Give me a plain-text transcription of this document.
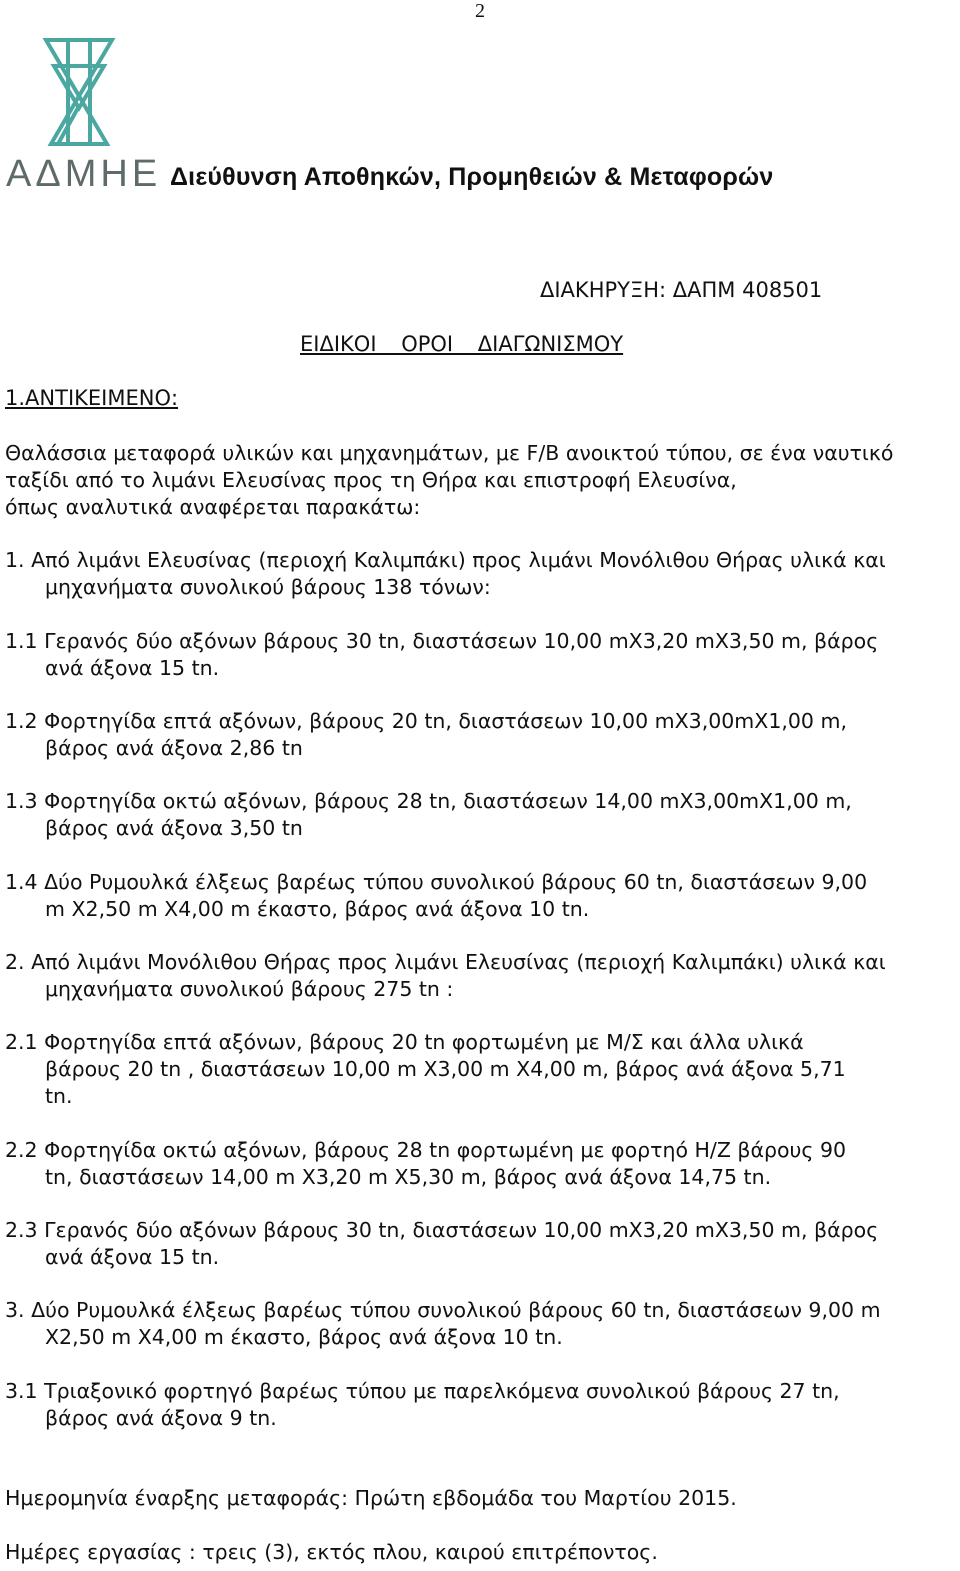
2
ΑΔΜΗΕ Διεύθυνση Αποθηκών, Προμηθειών & Μεταφορών
ΔΙΑΚΗΡΥΞΗ: ΔΑΠΜ 408501
ΕΙΔΙΚΟΙ ΟΡΟΙ ΔΙΑΓΩΝΙΣΜΟΥ
1.ΑΝΤΙΚΕΙΜΕΝΟ:
Θαλάσσια μεταφορά υλικών και μηχανημάτων, με F/B ανοικτού τύπου, σε ένα ναυτικό
ταξίδι από το λιμάνι Ελευσίνας προς τη Θήρα και επιστροφή Ελευσίνα,
όπως αναλυτικά αναφέρεται παρακάτω:
1. Από λιμάνι Ελευσίνας (περιοχή Καλιμπάκι) προς λιμάνι Μονόλιθου Θήρας υλικά και
μηχανήματα συνολικού βάρους 138 τόνων:
1.1 Γερανός δύο αξόνων βάρους 30 tn, διαστάσεων 10,00 mX3,20 mX3,50 m, βάρος
ανά άξονα 15 tn.
1.2 Φορτηγίδα επτά αξόνων, βάρους 20 tn, διαστάσεων 10,00 mX3,00mX1,00 m,
βάρος ανά άξονα 2,86 tn
1.3 Φορτηγίδα οκτώ αξόνων, βάρους 28 tn, διαστάσεων 14,00 mX3,00mX1,00 m,
βάρος ανά άξονα 3,50 tn
1.4 Δύο Ρυμουλκά έλξεως βαρέως τύπου συνολικού βάρους 60 tn, διαστάσεων 9,00
m X2,50 m X4,00 m έκαστο, βάρος ανά άξονα 10 tn.
2. Από λιμάνι Μονόλιθου Θήρας προς λιμάνι Ελευσίνας (περιοχή Καλιμπάκι) υλικά και
μηχανήματα συνολικού βάρους 275 tn :
2.1 Φορτηγίδα επτά αξόνων, βάρους 20 tn φορτωμένη με Μ/Σ και άλλα υλικά
βάρους 20 tn , διαστάσεων 10,00 m X3,00 m X4,00 m, βάρος ανά άξονα 5,71
tn.
2.2 Φορτηγίδα οκτώ αξόνων, βάρους 28 tn φορτωμένη με φορτηό Η/Ζ βάρους 90
tn, διαστάσεων 14,00 m X3,20 m X5,30 m, βάρος ανά άξονα 14,75 tn.
2.3 Γερανός δύο αξόνων βάρους 30 tn, διαστάσεων 10,00 mX3,20 mX3,50 m, βάρος
ανά άξονα 15 tn.
3. Δύο Ρυμουλκά έλξεως βαρέως τύπου συνολικού βάρους 60 tn, διαστάσεων 9,00 m
X2,50 m X4,00 m έκαστο, βάρος ανά άξονα 10 tn.
3.1 Τριαξονικό φορτηγό βαρέως τύπου με παρελκόμενα συνολικού βάρους 27 tn,
βάρος ανά άξονα 9 tn.
Ημερομηνία έναρξης μεταφοράς: Πρώτη εβδομάδα του Μαρτίου 2015.
Ημέρες εργασίας : τρεις (3), εκτός πλου, καιρού επιτρέποντος.
